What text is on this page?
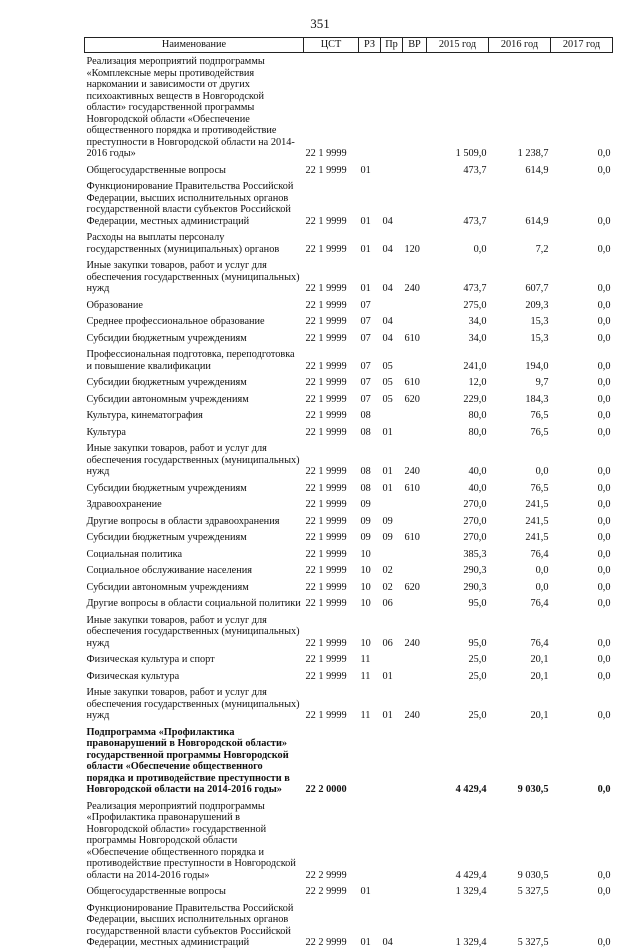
351
Наименование	ЦСТ	РЗ	Пр	ВР	2015 год	2016 год	2017 год
Реализация мероприятий подпрограммы «Комплексные меры противодействия наркомании и зависимости от других психоактивных веществ в Новгородской области» государственной программы Новгородской области «Обеспечение общественного порядка и противодействие преступности в Новгородской области на 2014-2016 годы»	22 1 9999				1 509,0	1 238,7	0,0
Общегосударственные вопросы	22 1 9999	01			473,7	614,9	0,0
Функционирование Правительства Российской Федерации, высших исполнительных органов государственной власти субъектов Российской Федерации, местных администраций	22 1 9999	01	04		473,7	614,9	0,0
Расходы на выплаты персоналу государственных (муниципальных) органов	22 1 9999	01	04	120	0,0	7,2	0,0
Иные закупки товаров, работ и услуг для обеспечения государственных (муниципальных) нужд	22 1 9999	01	04	240	473,7	607,7	0,0
Образование	22 1 9999	07			275,0	209,3	0,0
Среднее профессиональное образование	22 1 9999	07	04		34,0	15,3	0,0
Субсидии бюджетным учреждениям	22 1 9999	07	04	610	34,0	15,3	0,0
Профессиональная подготовка, переподготовка и повышение квалификации	22 1 9999	07	05		241,0	194,0	0,0
Субсидии бюджетным учреждениям	22 1 9999	07	05	610	12,0	9,7	0,0
Субсидии автономным учреждениям	22 1 9999	07	05	620	229,0	184,3	0,0
Культура, кинематография	22 1 9999	08			80,0	76,5	0,0
Культура	22 1 9999	08	01		80,0	76,5	0,0
Иные закупки товаров, работ и услуг для обеспечения государственных (муниципальных) нужд	22 1 9999	08	01	240	40,0	0,0	0,0
Субсидии бюджетным учреждениям	22 1 9999	08	01	610	40,0	76,5	0,0
Здравоохранение	22 1 9999	09			270,0	241,5	0,0
Другие вопросы в области здравоохранения	22 1 9999	09	09		270,0	241,5	0,0
Субсидии бюджетным учреждениям	22 1 9999	09	09	610	270,0	241,5	0,0
Социальная политика	22 1 9999	10			385,3	76,4	0,0
Социальное обслуживание населения	22 1 9999	10	02		290,3	0,0	0,0
Субсидии автономным учреждениям	22 1 9999	10	02	620	290,3	0,0	0,0
Другие вопросы в области социальной политики	22 1 9999	10	06		95,0	76,4	0,0
Иные закупки товаров, работ и услуг для обеспечения государственных (муниципальных) нужд	22 1 9999	10	06	240	95,0	76,4	0,0
Физическая культура и спорт	22 1 9999	11			25,0	20,1	0,0
Физическая культура	22 1 9999	11	01		25,0	20,1	0,0
Иные закупки товаров, работ и услуг для обеспечения государственных (муниципальных) нужд	22 1 9999	11	01	240	25,0	20,1	0,0
Подпрограмма «Профилактика правонарушений в Новгородской области» государственной программы Новгородской области «Обеспечение общественного порядка и противодействие преступности в Новгородской области на 2014-2016 годы»	22 2 0000				4 429,4	9 030,5	0,0
Реализация мероприятий подпрограммы «Профилактика правонарушений в Новгородской области» государственной программы Новгородской области «Обеспечение общественного порядка и противодействие преступности в Новгородской области на 2014-2016 годы»	22 2 9999				4 429,4	9 030,5	0,0
Общегосударственные вопросы	22 2 9999	01			1 329,4	5 327,5	0,0
Функционирование Правительства Российской Федерации, высших исполнительных органов государственной власти субъектов Российской Федерации, местных администраций	22 2 9999	01	04		1 329,4	5 327,5	0,0
